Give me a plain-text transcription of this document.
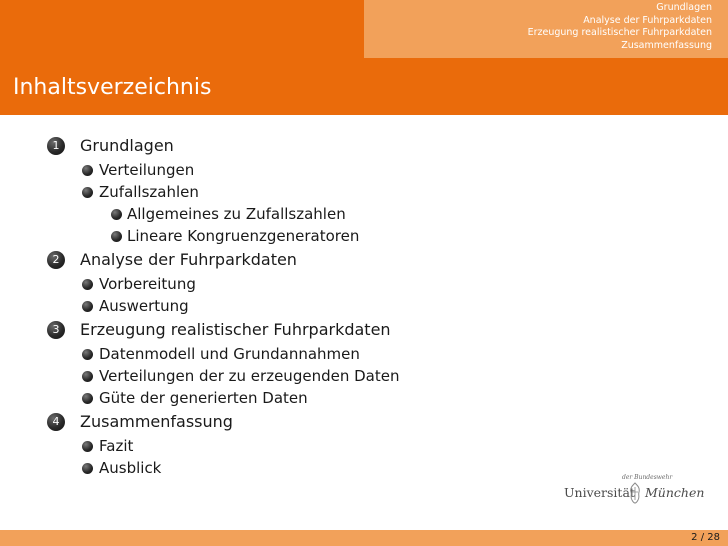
Grundlagen
Analyse der Fuhrparkdaten
Erzeugung realistischer Fuhrparkdaten
Zusammenfassung
Inhaltsverzeichnis
1	Grundlagen
Verteilungen
Zufallszahlen
Allgemeines zu Zufallszahlen
Lineare Kongruenzgeneratoren
2	Analyse der Fuhrparkdaten
Vorbereitung
Auswertung
3	Erzeugung realistischer Fuhrparkdaten
Datenmodell und Grundannahmen
Verteilungen der zu erzeugenden Daten
Güte der generierten Daten
4	Zusammenfassung
Fazit
Ausblick
der Bundeswehr
Universität München
2 / 28
